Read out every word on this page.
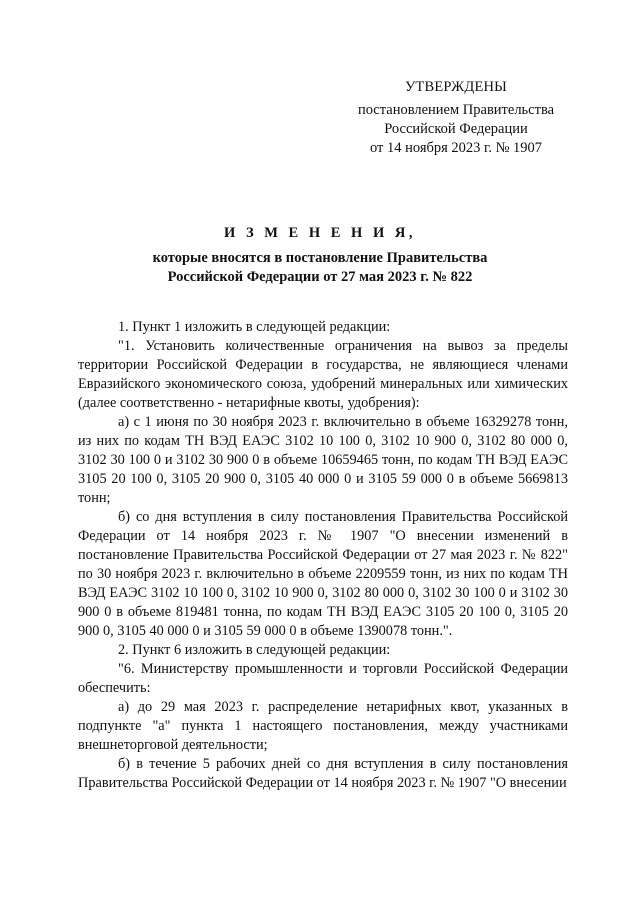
УТВЕРЖДЕНЫ
постановлением Правительства
Российской Федерации
от 14 ноября 2023 г. № 1907
И З М Е Н Е Н И Я,
которые вносятся в постановление Правительства
Российской Федерации от 27 мая 2023 г. № 822

1. Пункт 1 изложить в следующей редакции:

"1. Установить количественные ограничения на вывоз за пределы территории Российской Федерации в государства, не являющиеся членами Евразийского экономического союза, удобрений минеральных или химических (далее соответственно - нетарифные квоты, удобрения):

а) с 1 июня по 30 ноября 2023 г. включительно в объеме 16329278 тонн, из них по кодам ТН ВЭД ЕАЭС 3102 10 100 0, 3102 10 900 0, 3102 80 000 0, 3102 30 100 0 и 3102 30 900 0 в объеме 10659465 тонн, по кодам ТН ВЭД ЕАЭС 3105 20 100 0, 3105 20 900 0, 3105 40 000 0 и 3105 59 000 0 в объеме 5669813 тонн;

б) со дня вступления в силу постановления Правительства Российской Федерации от 14 ноября 2023 г. № 1907 "О внесении изменений в постановление Правительства Российской Федерации от 27 мая 2023 г. № 822" по 30 ноября 2023 г. включительно в объеме 2209559 тонн, из них по кодам ТН ВЭД ЕАЭС 3102 10 100 0, 3102 10 900 0, 3102 80 000 0, 3102 30 100 0 и 3102 30 900 0 в объеме 819481 тонна, по кодам ТН ВЭД ЕАЭС 3105 20 100 0, 3105 20 900 0, 3105 40 000 0 и 3105 59 000 0 в объеме 1390078 тонн.".

2. Пункт 6 изложить в следующей редакции:

"6. Министерству промышленности и торговли Российской Федерации обеспечить:

а) до 29 мая 2023 г. распределение нетарифных квот, указанных в подпункте "а" пункта 1 настоящего постановления, между участниками внешнеторговой деятельности;

б) в течение 5 рабочих дней со дня вступления в силу постановления Правительства Российской Федерации от 14 ноября 2023 г. № 1907 "О внесении
